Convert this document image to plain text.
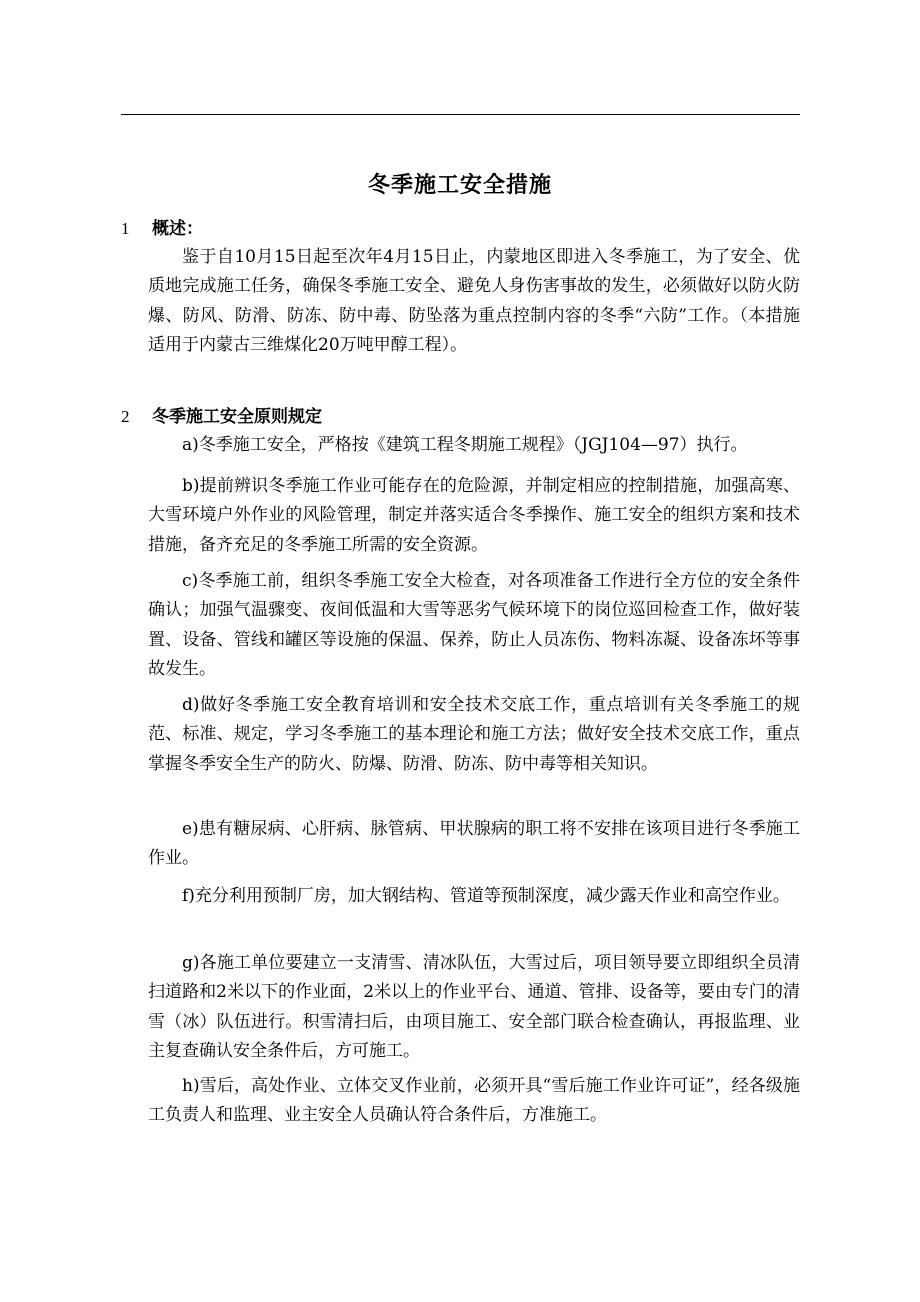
冬季施工安全措施
1 概述：

鉴于自10月15日起至次年4月15日止，内蒙地区即进入冬季施工，为了安全、优质地完成施工任务，确保冬季施工安全、避免人身伤害事故的发生，必须做好以防火防爆、防风、防滑、防冻、防中毒、防坠落为重点控制内容的冬季“六防”工作。（本措施适用于内蒙古三维煤化20万吨甲醇工程）。

2 冬季施工安全原则规定

a)冬季施工安全，严格按《建筑工程冬期施工规程》（JGJ104—97）执行。

b)提前辨识冬季施工作业可能存在的危险源，并制定相应的控制措施，加强高寒、大雪环境户外作业的风险管理，制定并落实适合冬季操作、施工安全的组织方案和技术措施，备齐充足的冬季施工所需的安全资源。

c)冬季施工前，组织冬季施工安全大检查，对各项准备工作进行全方位的安全条件确认；加强气温骤变、夜间低温和大雪等恶劣气候环境下的岗位巡回检查工作，做好装置、设备、管线和罐区等设施的保温、保养，防止人员冻伤、物料冻凝、设备冻坏等事故发生。

d)做好冬季施工安全教育培训和安全技术交底工作，重点培训有关冬季施工的规范、标准、规定，学习冬季施工的基本理论和施工方法；做好安全技术交底工作，重点掌握冬季安全生产的防火、防爆、防滑、防冻、防中毒等相关知识。

e)患有糖尿病、心肝病、脉管病、甲状腺病的职工将不安排在该项目进行冬季施工作业。

f)充分利用预制厂房，加大钢结构、管道等预制深度，减少露天作业和高空作业。

g)各施工单位要建立一支清雪、清冰队伍，大雪过后，项目领导要立即组织全员清扫道路和2米以下的作业面，2米以上的作业平台、通道、管排、设备等，要由专门的清雪（冰）队伍进行。积雪清扫后，由项目施工、安全部门联合检查确认，再报监理、业主复查确认安全条件后，方可施工。

h)雪后，高处作业、立体交叉作业前，必须开具“雪后施工作业许可证”，经各级施工负责人和监理、业主安全人员确认符合条件后，方准施工。
